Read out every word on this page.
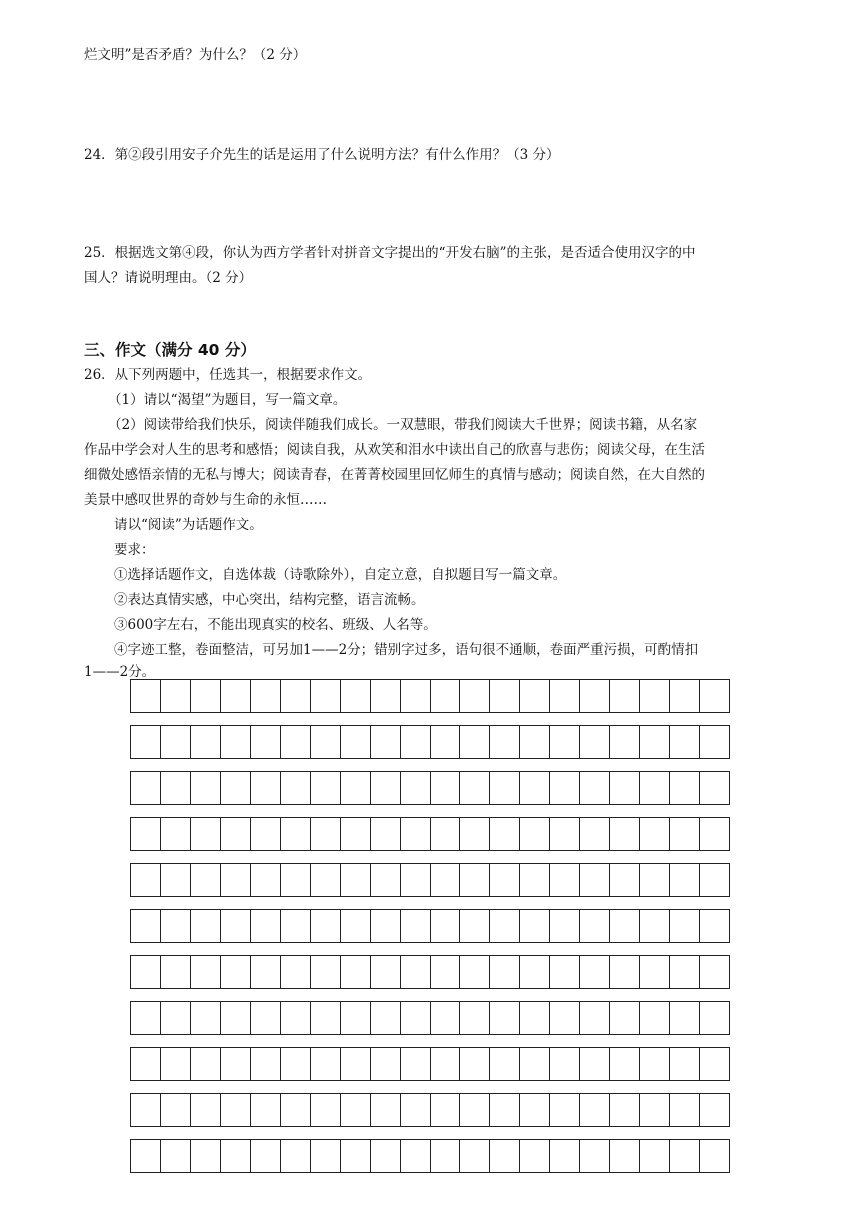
烂文明”是否矛盾？为什么？（2 分）
24．第②段引用安子介先生的话是运用了什么说明方法？有什么作用？（3 分）
25．根据选文第④段，你认为西方学者针对拼音文字提出的“开发右脑”的主张，是否适合使用汉字的中
国人？请说明理由。（2 分）
三、作文（满分 40 分）
26．从下列两题中，任选其一，根据要求作文。
（1）请以“渴望”为题目，写一篇文章。
（2）阅读带给我们快乐，阅读伴随我们成长。一双慧眼，带我们阅读大千世界；阅读书籍，从名家
作品中学会对人生的思考和感悟；阅读自我，从欢笑和泪水中读出自己的欣喜与悲伤；阅读父母，在生活
细微处感悟亲情的无私与博大；阅读青春，在菁菁校园里回忆师生的真情与感动；阅读自然，在大自然的
美景中感叹世界的奇妙与生命的永恒……
请以“阅读”为话题作文。
要求：
①选择话题作文，自选体裁（诗歌除外），自定立意，自拟题目写一篇文章。
②表达真情实感，中心突出，结构完整，语言流畅。
③600字左右，不能出现真实的校名、班级、人名等。
④字迹工整，卷面整洁，可另加1——2分；错别字过多，语句很不通顺，卷面严重污损，可酌情扣
1——2分。
